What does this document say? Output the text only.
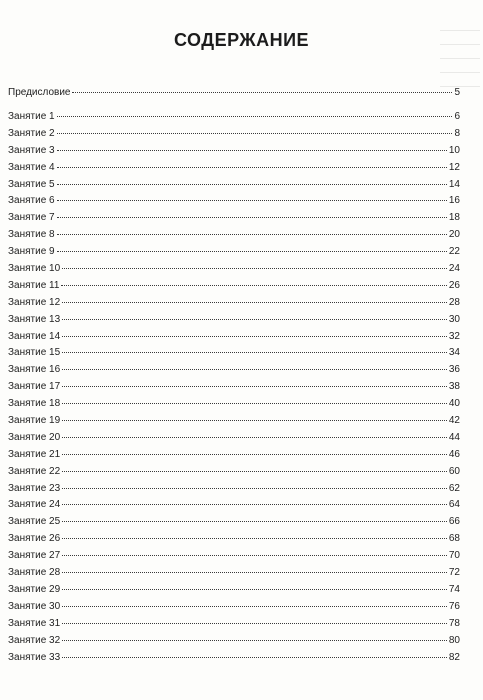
СОДЕРЖАНИЕ
Предисловие	5
Занятие 1	6
Занятие 2	8
Занятие 3	10
Занятие 4	12
Занятие 5	14
Занятие 6	16
Занятие 7	18
Занятие 8	20
Занятие 9	22
Занятие 10	24
Занятие 11	26
Занятие 12	28
Занятие 13	30
Занятие 14	32
Занятие 15	34
Занятие 16	36
Занятие 17	38
Занятие 18	40
Занятие 19	42
Занятие 20	44
Занятие 21	46
Занятие 22	60
Занятие 23	62
Занятие 24	64
Занятие 25	66
Занятие 26	68
Занятие 27	70
Занятие 28	72
Занятие 29	74
Занятие 30	76
Занятие 31	78
Занятие 32	80
Занятие 33	82
